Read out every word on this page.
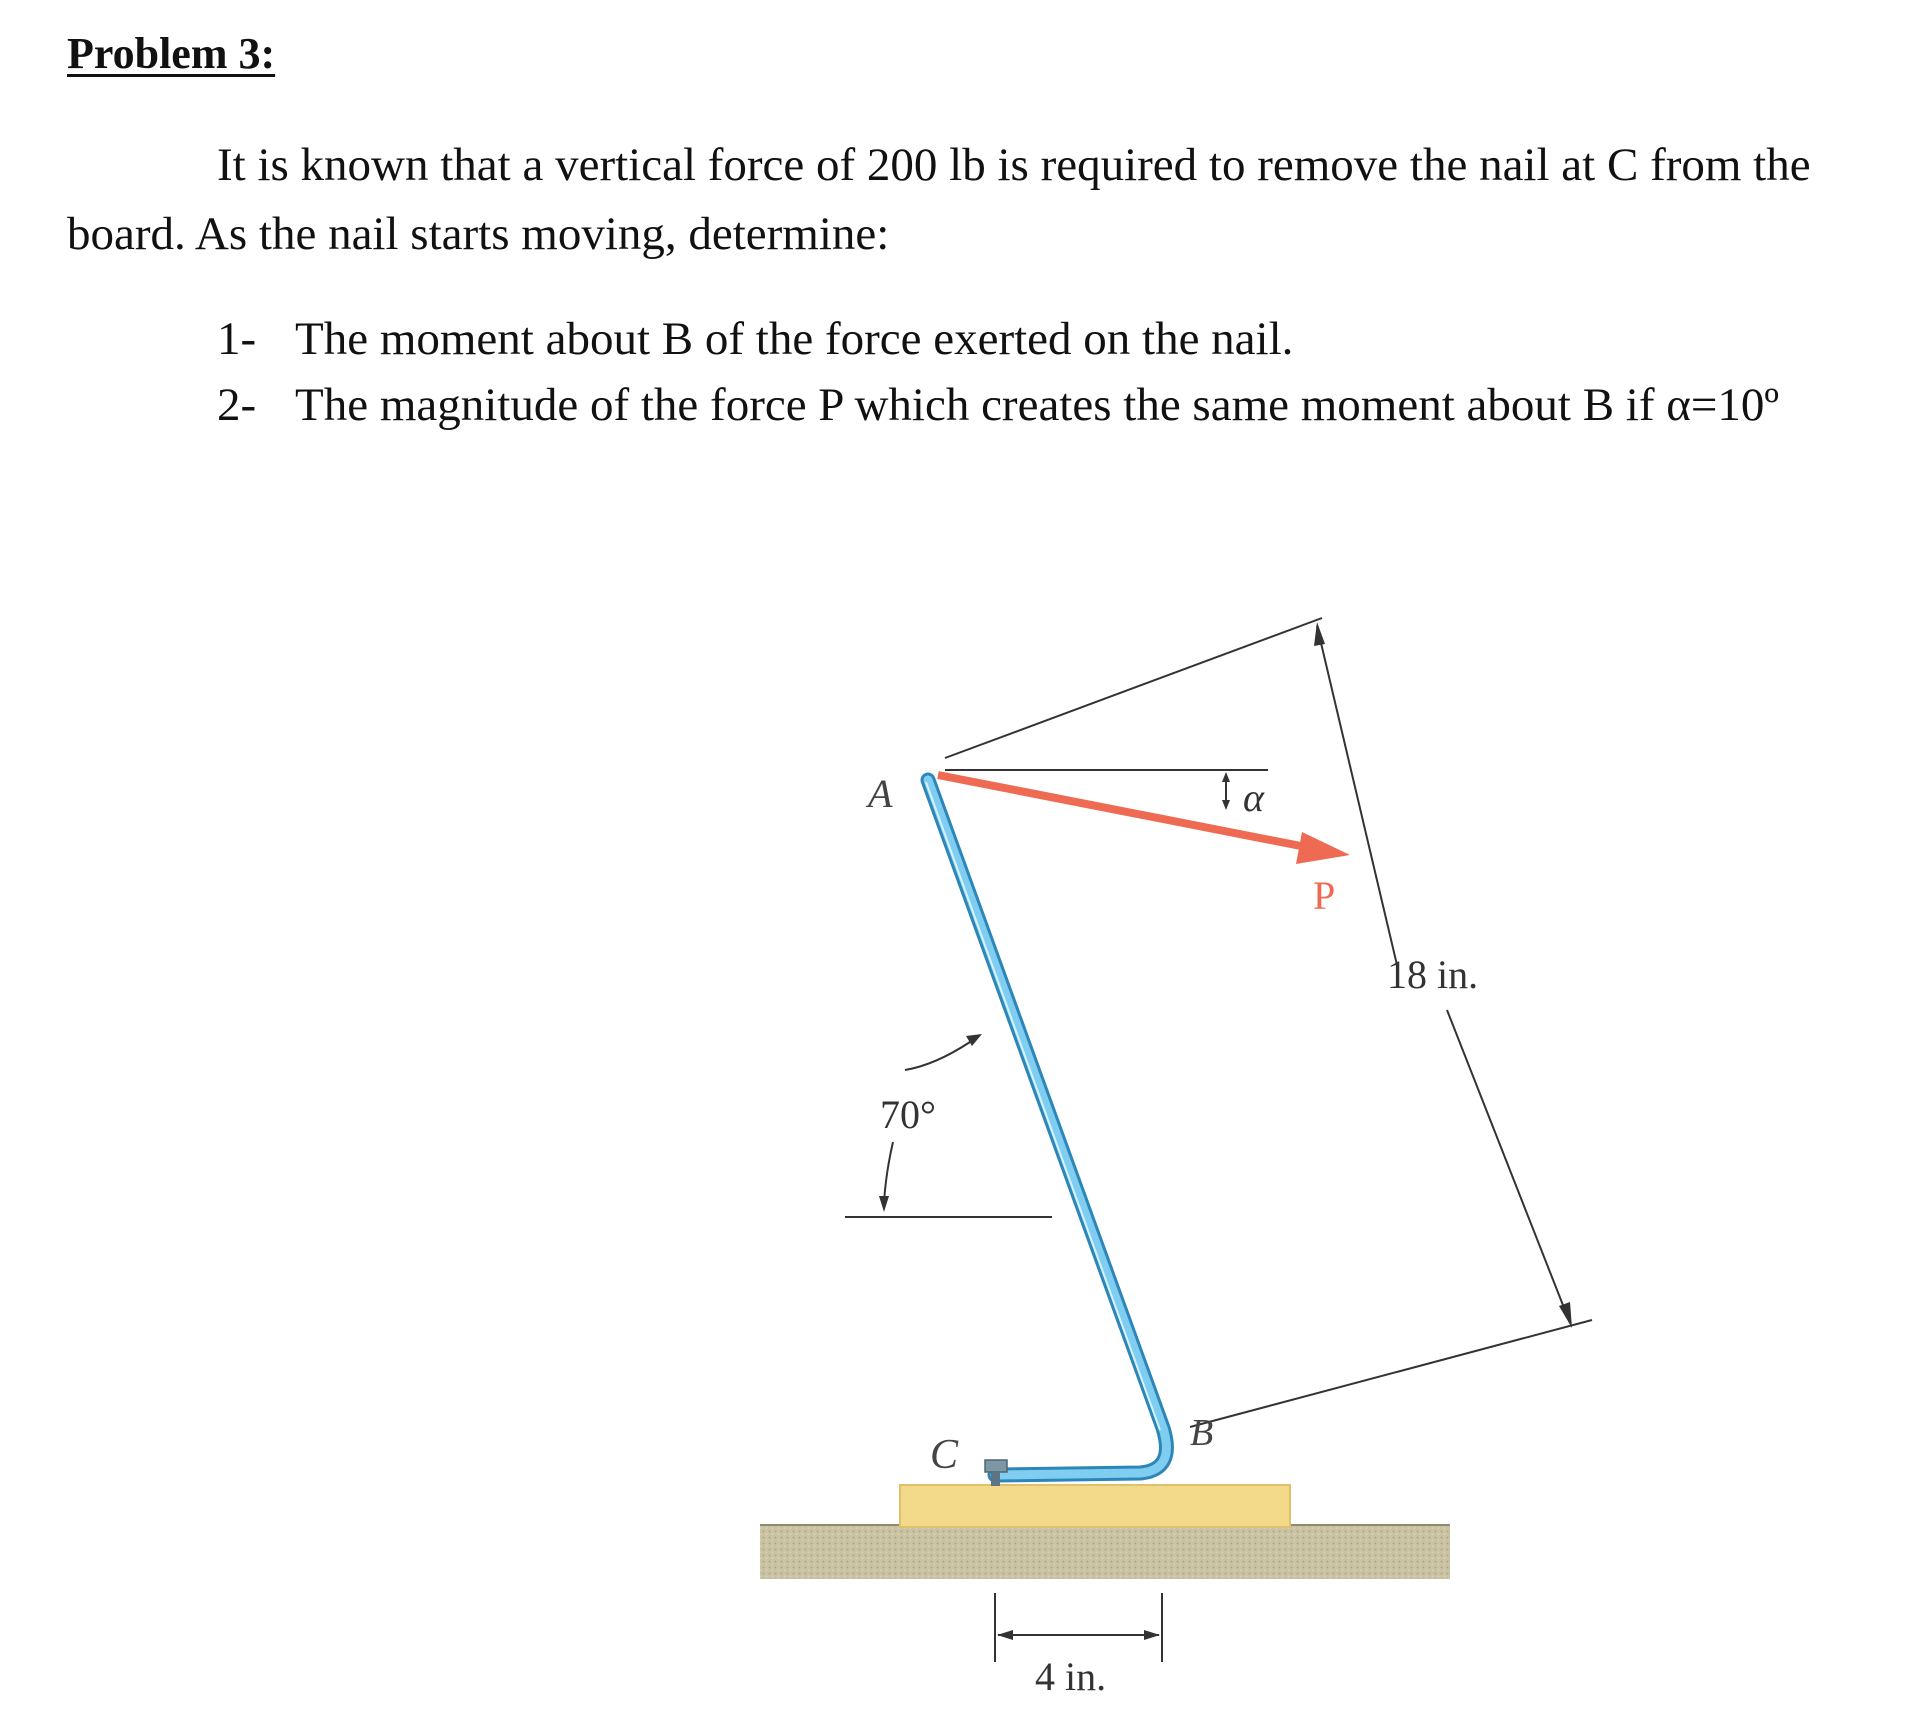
Problem 3:
It is known that a vertical force of 200 lb is required to remove the nail at C from the
board. As the nail starts moving, determine:
1- The moment about B of the force exerted on the nail.
2- The magnitude of the force P which creates the same moment about B if α=10º
A
B
C
P
α
70°
18 in.
4 in.
